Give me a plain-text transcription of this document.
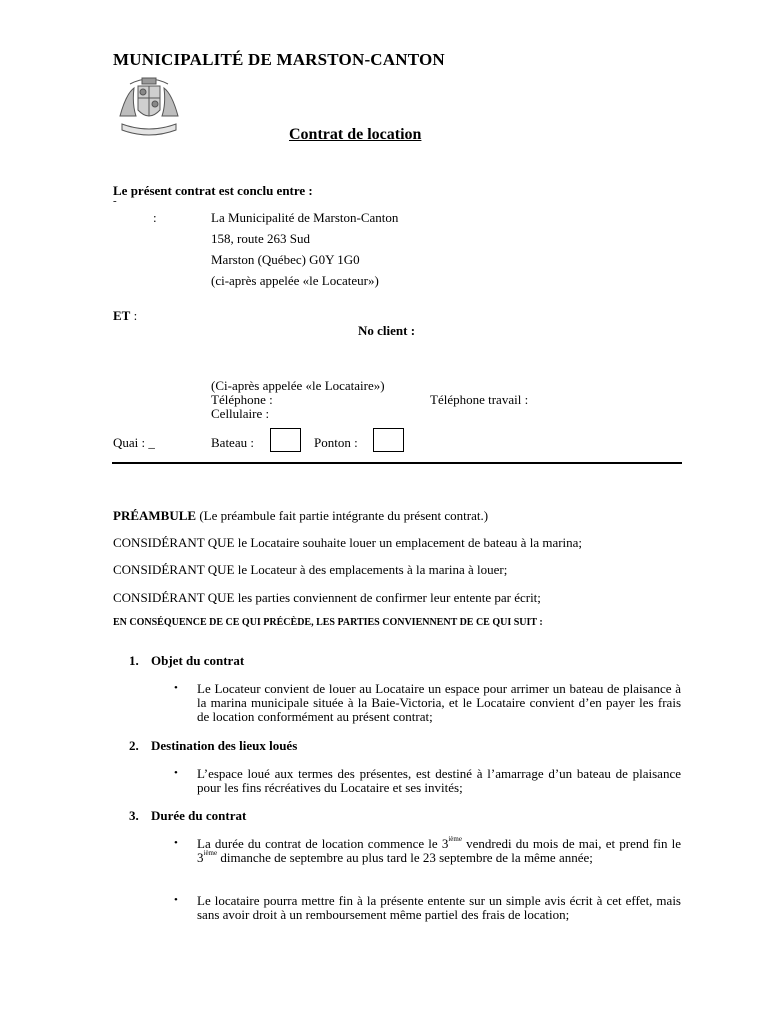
MUNICIPALITÉ DE MARSTON-CANTON
Contrat de location
Le présent contrat est conclu entre :
-
:	La Municipalité de Marston-Canton
158, route 263 Sud
Marston (Québec) G0Y 1G0
(ci-après appelée «le Locateur»)
ET :
No client :
(Ci-après appelée «le Locataire»)
Téléphone :	Téléphone travail :
Cellulaire :
Quai : _	Bateau :	Ponton :
PRÉAMBULE (Le préambule fait partie intégrante du présent contrat.)
CONSIDÉRANT QUE le Locataire souhaite louer un emplacement de bateau à la marina;
CONSIDÉRANT QUE le Locateur à des emplacements à la marina à louer;
CONSIDÉRANT QUE les parties conviennent de confirmer leur entente par écrit;
EN CONSÉQUENCE DE CE QUI PRÉCÈDE, LES PARTIES CONVIENNENT DE CE QUI SUIT :
1. Objet du contrat
• Le Locateur convient de louer au Locataire un espace pour arrimer un bateau de plaisance à la marina municipale située à la Baie-Victoria, et le Locataire convient d’en payer les frais de location conformément au présent contrat;
2. Destination des lieux loués
• L’espace loué aux termes des présentes, est destiné à l’amarrage d’un bateau de plaisance pour les fins récréatives du Locataire et ses invités;
3. Durée du contrat
• La durée du contrat de location commence le 3ième vendredi du mois de mai, et prend fin le 3ième dimanche de septembre au plus tard le 23 septembre de la même année;
• Le locataire pourra mettre fin à la présente entente sur un simple avis écrit à cet effet, mais sans avoir droit à un remboursement même partiel des frais de location;
